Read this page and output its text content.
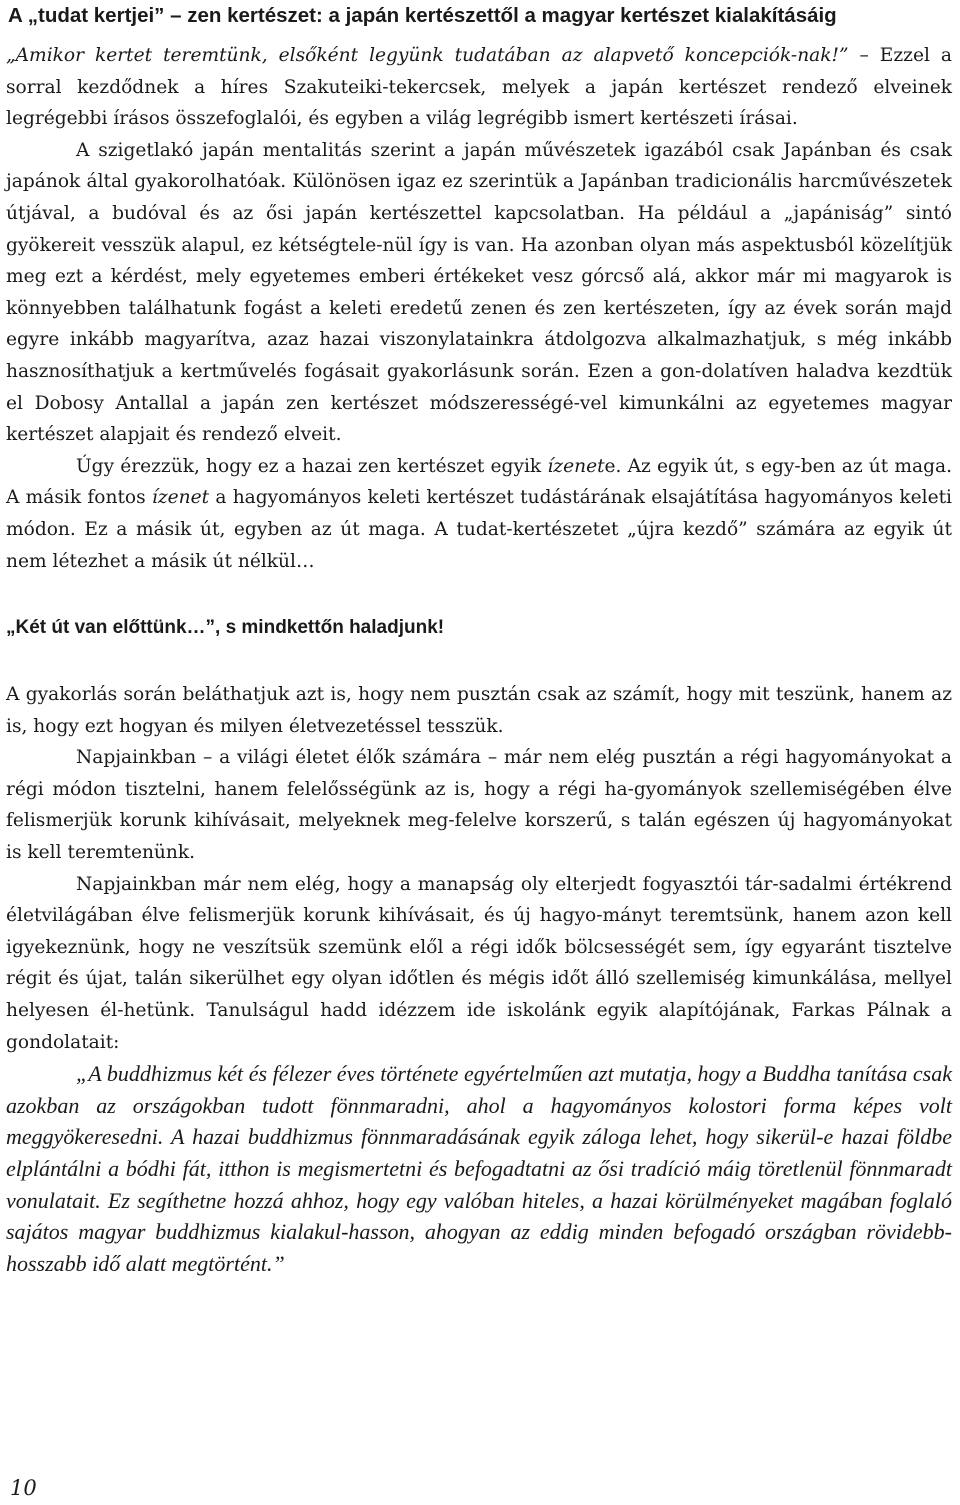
A „tudat kertjei” – zen kertészet: a japán kertészettől a magyar kertészet kialakításáig

„Amikor kertet teremtünk, elsőként legyünk tudatában az alapvető koncepciók-nak!” – Ezzel a sorral kezdődnek a híres Szakuteiki-tekercsek, melyek a japán kertészet rendező elveinek legrégebbi írásos összefoglalói, és egyben a világ legrégibb ismert kertészeti írásai.

A szigetlakó japán mentalitás szerint a japán művészetek igazából csak Japánban és csak japánok által gyakorolhatóak. Különösen igaz ez szerintük a Japánban tradicionális harcművészetek útjával, a budóval és az ősi japán kertészettel kapcsolatban. Ha például a „japániság” sintó gyökereit vesszük alapul, ez kétségtele-nül így is van. Ha azonban olyan más aspektusból közelítjük meg ezt a kérdést, mely egyetemes emberi értékeket vesz górcső alá, akkor már mi magyarok is könnyebben találhatunk fogást a keleti eredetű zenen és zen kertészeten, így az évek során majd egyre inkább magyarítva, azaz hazai viszonylatainkra átdolgozva alkalmazhatjuk, s még inkább hasznosíthatjuk a kertművelés fogásait gyakorlásunk során. Ezen a gon-dolatíven haladva kezdtük el Dobosy Antallal a japán zen kertészet módszerességé-vel kimunkálni az egyetemes magyar kertészet alapjait és rendező elveit.

Úgy érezzük, hogy ez a hazai zen kertészet egyik ízenete. Az egyik út, s egy-ben az út maga. A másik fontos ízenet a hagyományos keleti kertészet tudástárának elsajátítása hagyományos keleti módon. Ez a másik út, egyben az út maga. A tudat-kertészetet „újra kezdő” számára az egyik út nem létezhet a másik út nélkül…

„Két út van előttünk…”, s mindkettőn haladjunk!

A gyakorlás során beláthatjuk azt is, hogy nem pusztán csak az számít, hogy mit teszünk, hanem az is, hogy ezt hogyan és milyen életvezetéssel tesszük.

Napjainkban – a világi életet élők számára – már nem elég pusztán a régi hagyományokat a régi módon tisztelni, hanem felelősségünk az is, hogy a régi ha-gyományok szellemiségében élve felismerjük korunk kihívásait, melyeknek meg-felelve korszerű, s talán egészen új hagyományokat is kell teremtenünk.

Napjainkban már nem elég, hogy a manapság oly elterjedt fogyasztói tár-sadalmi értékrend életvilágában élve felismerjük korunk kihívásait, és új hagyo-mányt teremtsünk, hanem azon kell igyekeznünk, hogy ne veszítsük szemünk elől a régi idők bölcsességét sem, így egyaránt tisztelve régit és újat, talán sikerülhet egy olyan időtlen és mégis időt álló szellemiség kimunkálása, mellyel helyesen él-hetünk. Tanulságul hadd idézzem ide iskolánk egyik alapítójának, Farkas Pálnak a gondolatait:

„A buddhizmus két és félezer éves története egyértelműen azt mutatja, hogy a Buddha tanítása csak azokban az országokban tudott fönnmaradni, ahol a hagyományos kolostori forma képes volt meggyökeresedni. A hazai buddhizmus fönnmaradásának egyik záloga lehet, hogy sikerül-e hazai földbe elplántálni a bódhi fát, itthon is megismertetni és befogadtatni az ősi tradíció máig töretlenül fönnmaradt vonulatait. Ez segíthetne hozzá ahhoz, hogy egy valóban hiteles, a hazai körülményeket magában foglaló sajátos magyar buddhizmus kialakul-hasson, ahogyan az eddig minden befogadó országban rövidebb-hosszabb idő alatt megtörtént.”

10
